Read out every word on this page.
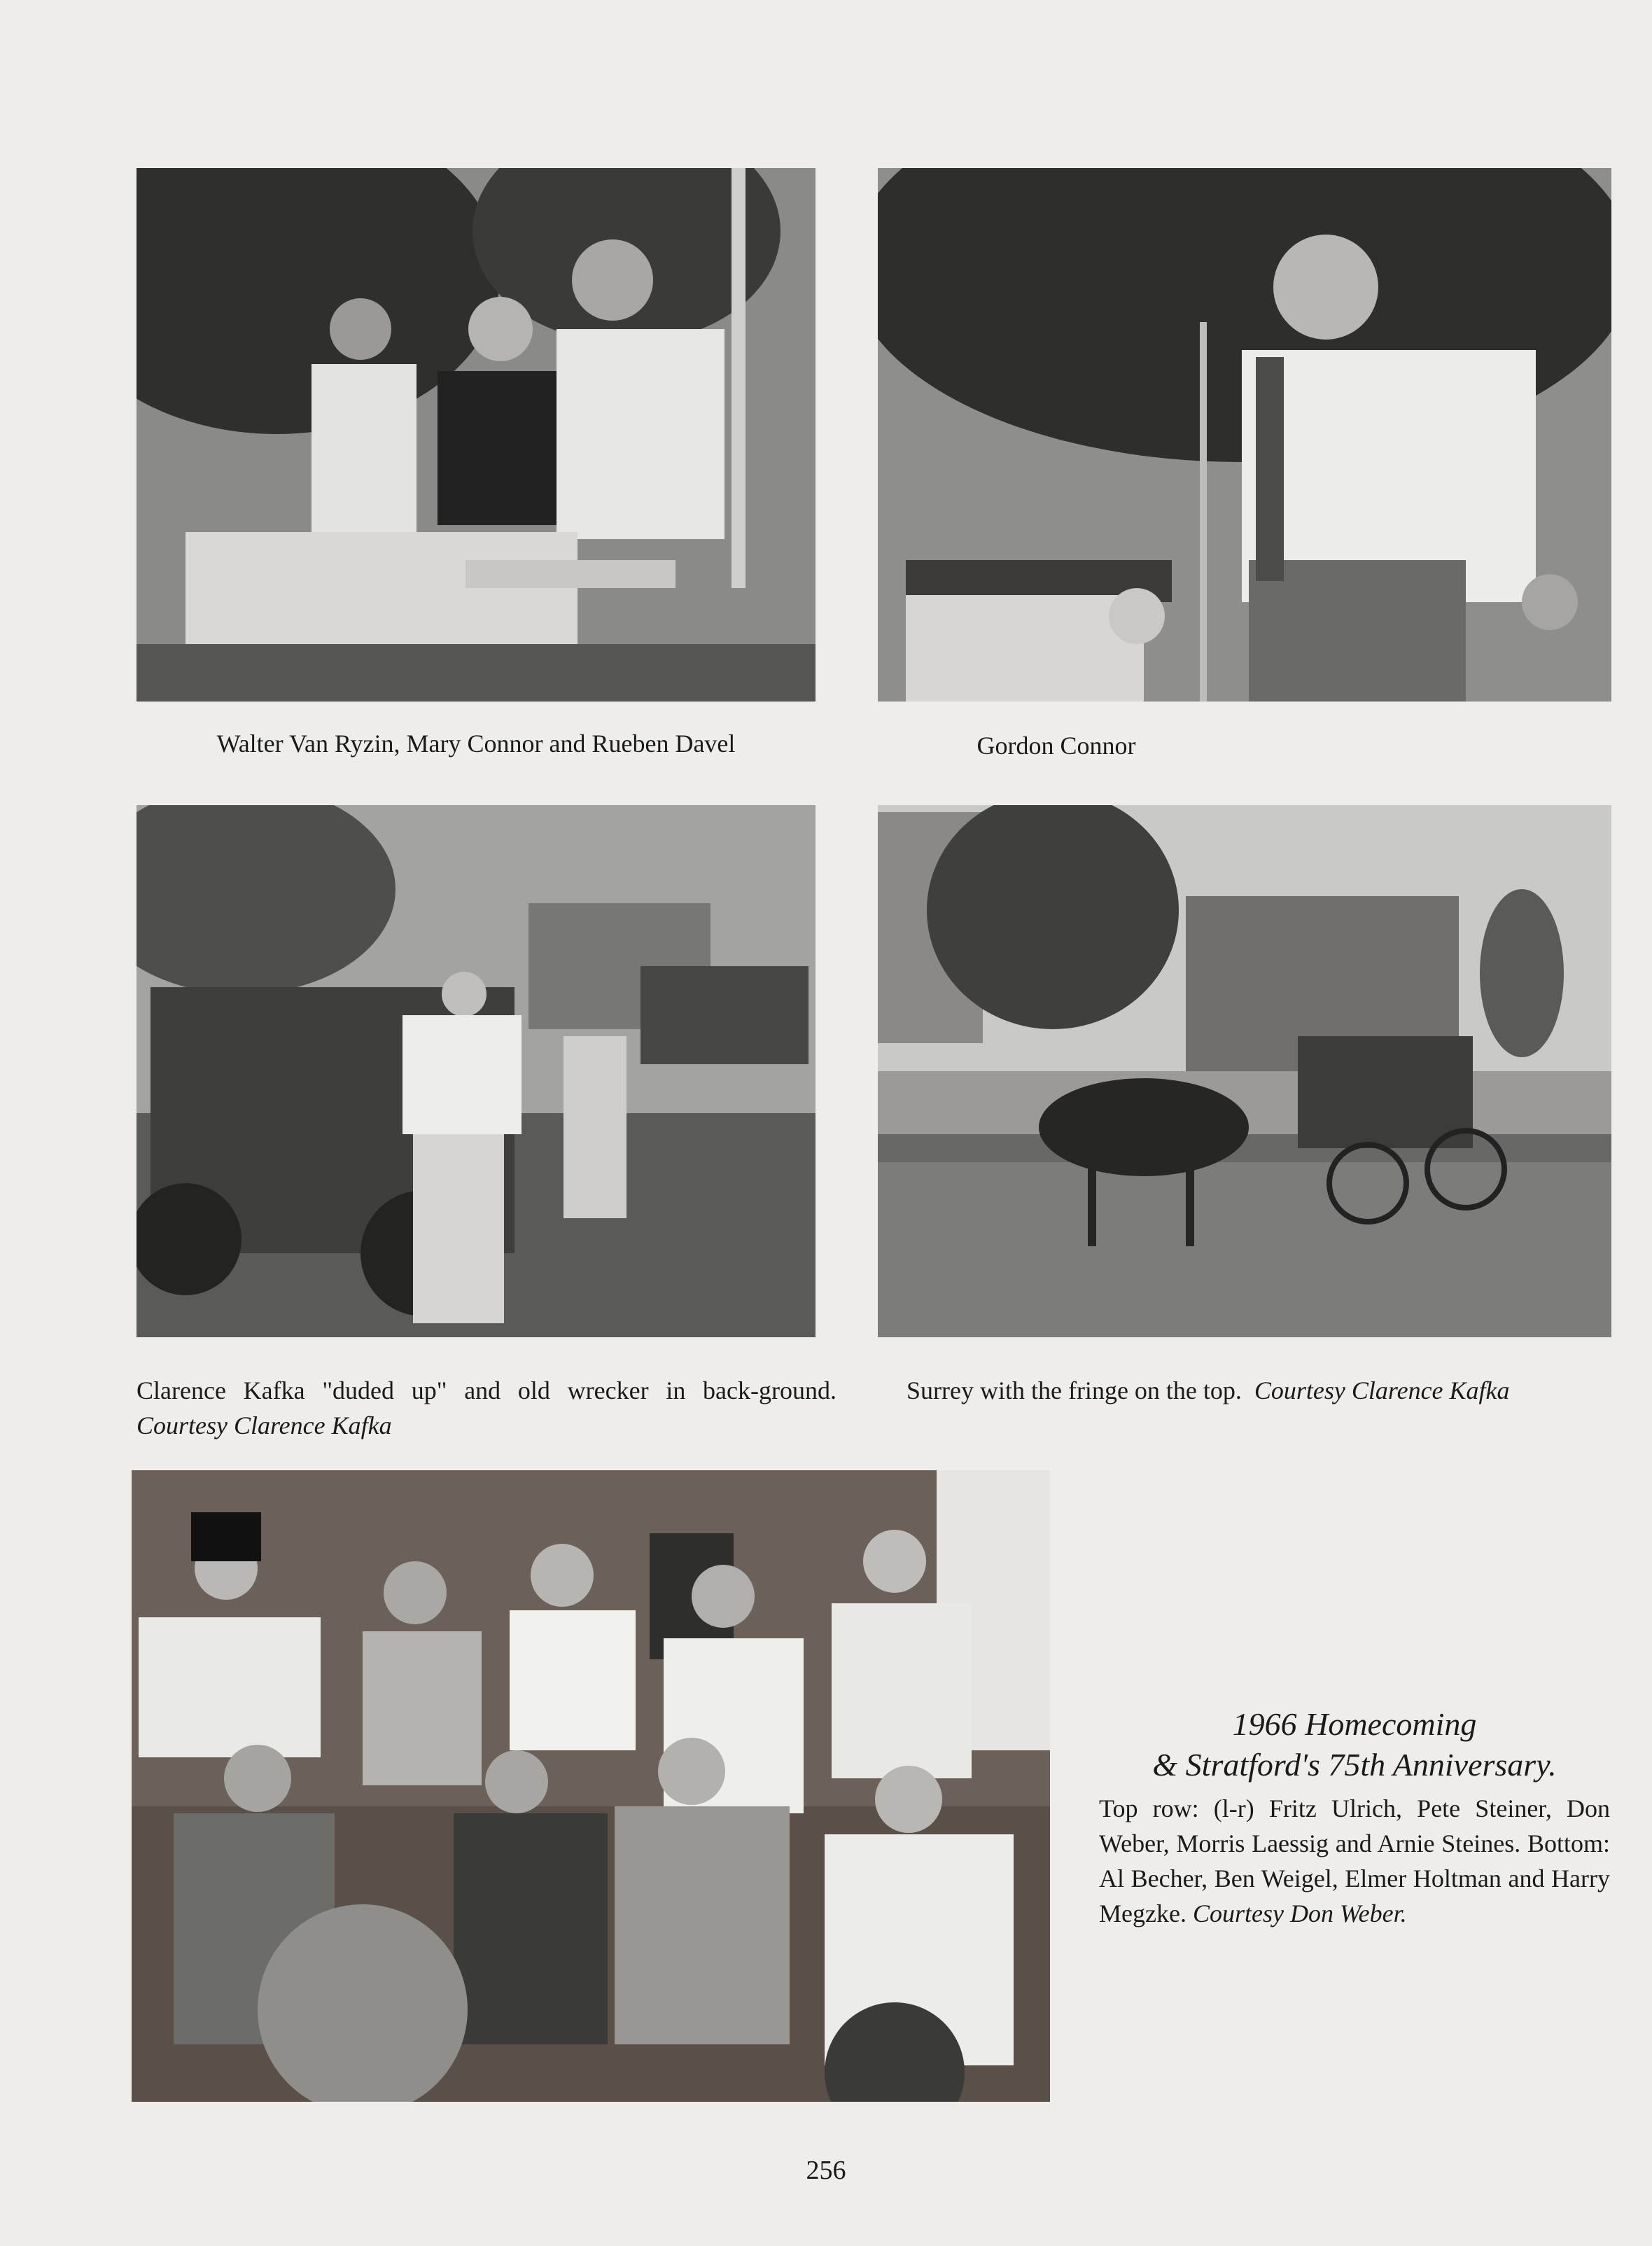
Walter Van Ryzin, Mary Connor and Rueben Davel	Gordon Connor

Clarence Kafka "duded up" and old wrecker in back-ground. Courtesy Clarence Kafka

Surrey with the fringe on the top. Courtesy Clarence Kafka

1966 Homecoming
& Stratford's 75th Anniversary.
Top row: (l-r) Fritz Ulrich, Pete Steiner, Don Weber, Morris Laessig and Arnie Steines. Bottom: Al Becher, Ben Weigel, Elmer Holtman and Harry Megzke. Courtesy Don Weber.
256
